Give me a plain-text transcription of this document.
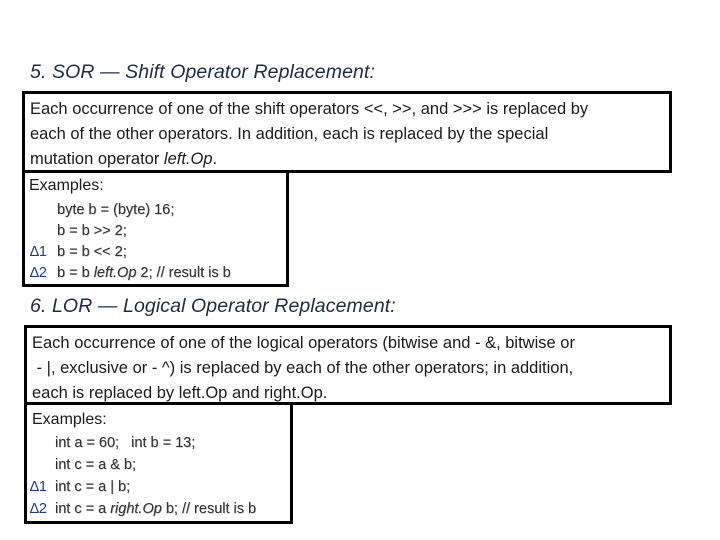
5. SOR — Shift Operator Replacement:
Each occurrence of one of the shift operators <<, >>, and >>> is replaced by
each of the other operators. In addition, each is replaced by the special
mutation operator left.Op.
Examples:
byte b = (byte) 16;
b = b >> 2;
∆1 b = b << 2;
∆2 b = b left.Op 2; // result is b
6. LOR — Logical Operator Replacement:
Each occurrence of one of the logical operators (bitwise and - &, bitwise or
- |, exclusive or - ^) is replaced by each of the other operators; in addition,
each is replaced by left.Op and right.Op.
Examples:
int a = 60;   int b = 13;
int c = a & b;
∆1 int c = a | b;
∆2 int c = a right.Op b; // result is b
